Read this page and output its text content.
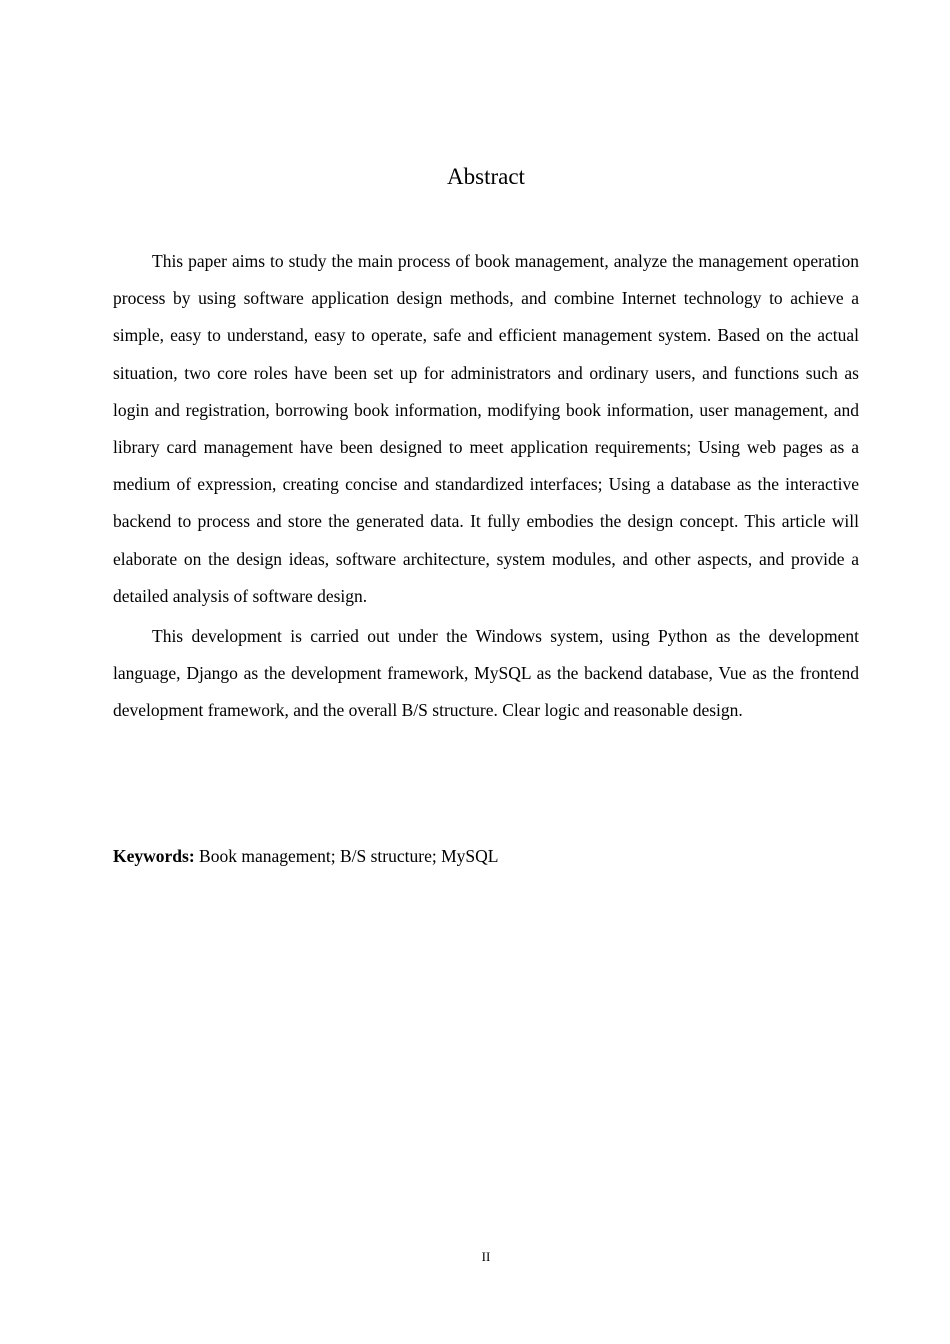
Abstract

This paper aims to study the main process of book management, analyze the management operation process by using software application design methods, and combine Internet technology to achieve a simple, easy to understand, easy to operate, safe and efficient management system. Based on the actual situation, two core roles have been set up for administrators and ordinary users, and functions such as login and registration, borrowing book information, modifying book information, user management, and library card management have been designed to meet application requirements; Using web pages as a medium of expression, creating concise and standardized interfaces; Using a database as the interactive backend to process and store the generated data. It fully embodies the design concept. This article will elaborate on the design ideas, software architecture, system modules, and other aspects, and provide a detailed analysis of software design.

This development is carried out under the Windows system, using Python as the development language, Django as the development framework, MySQL as the backend database, Vue as the frontend development framework, and the overall B/S structure. Clear logic and reasonable design.

Keywords: Book management; B/S structure; MySQL
II
